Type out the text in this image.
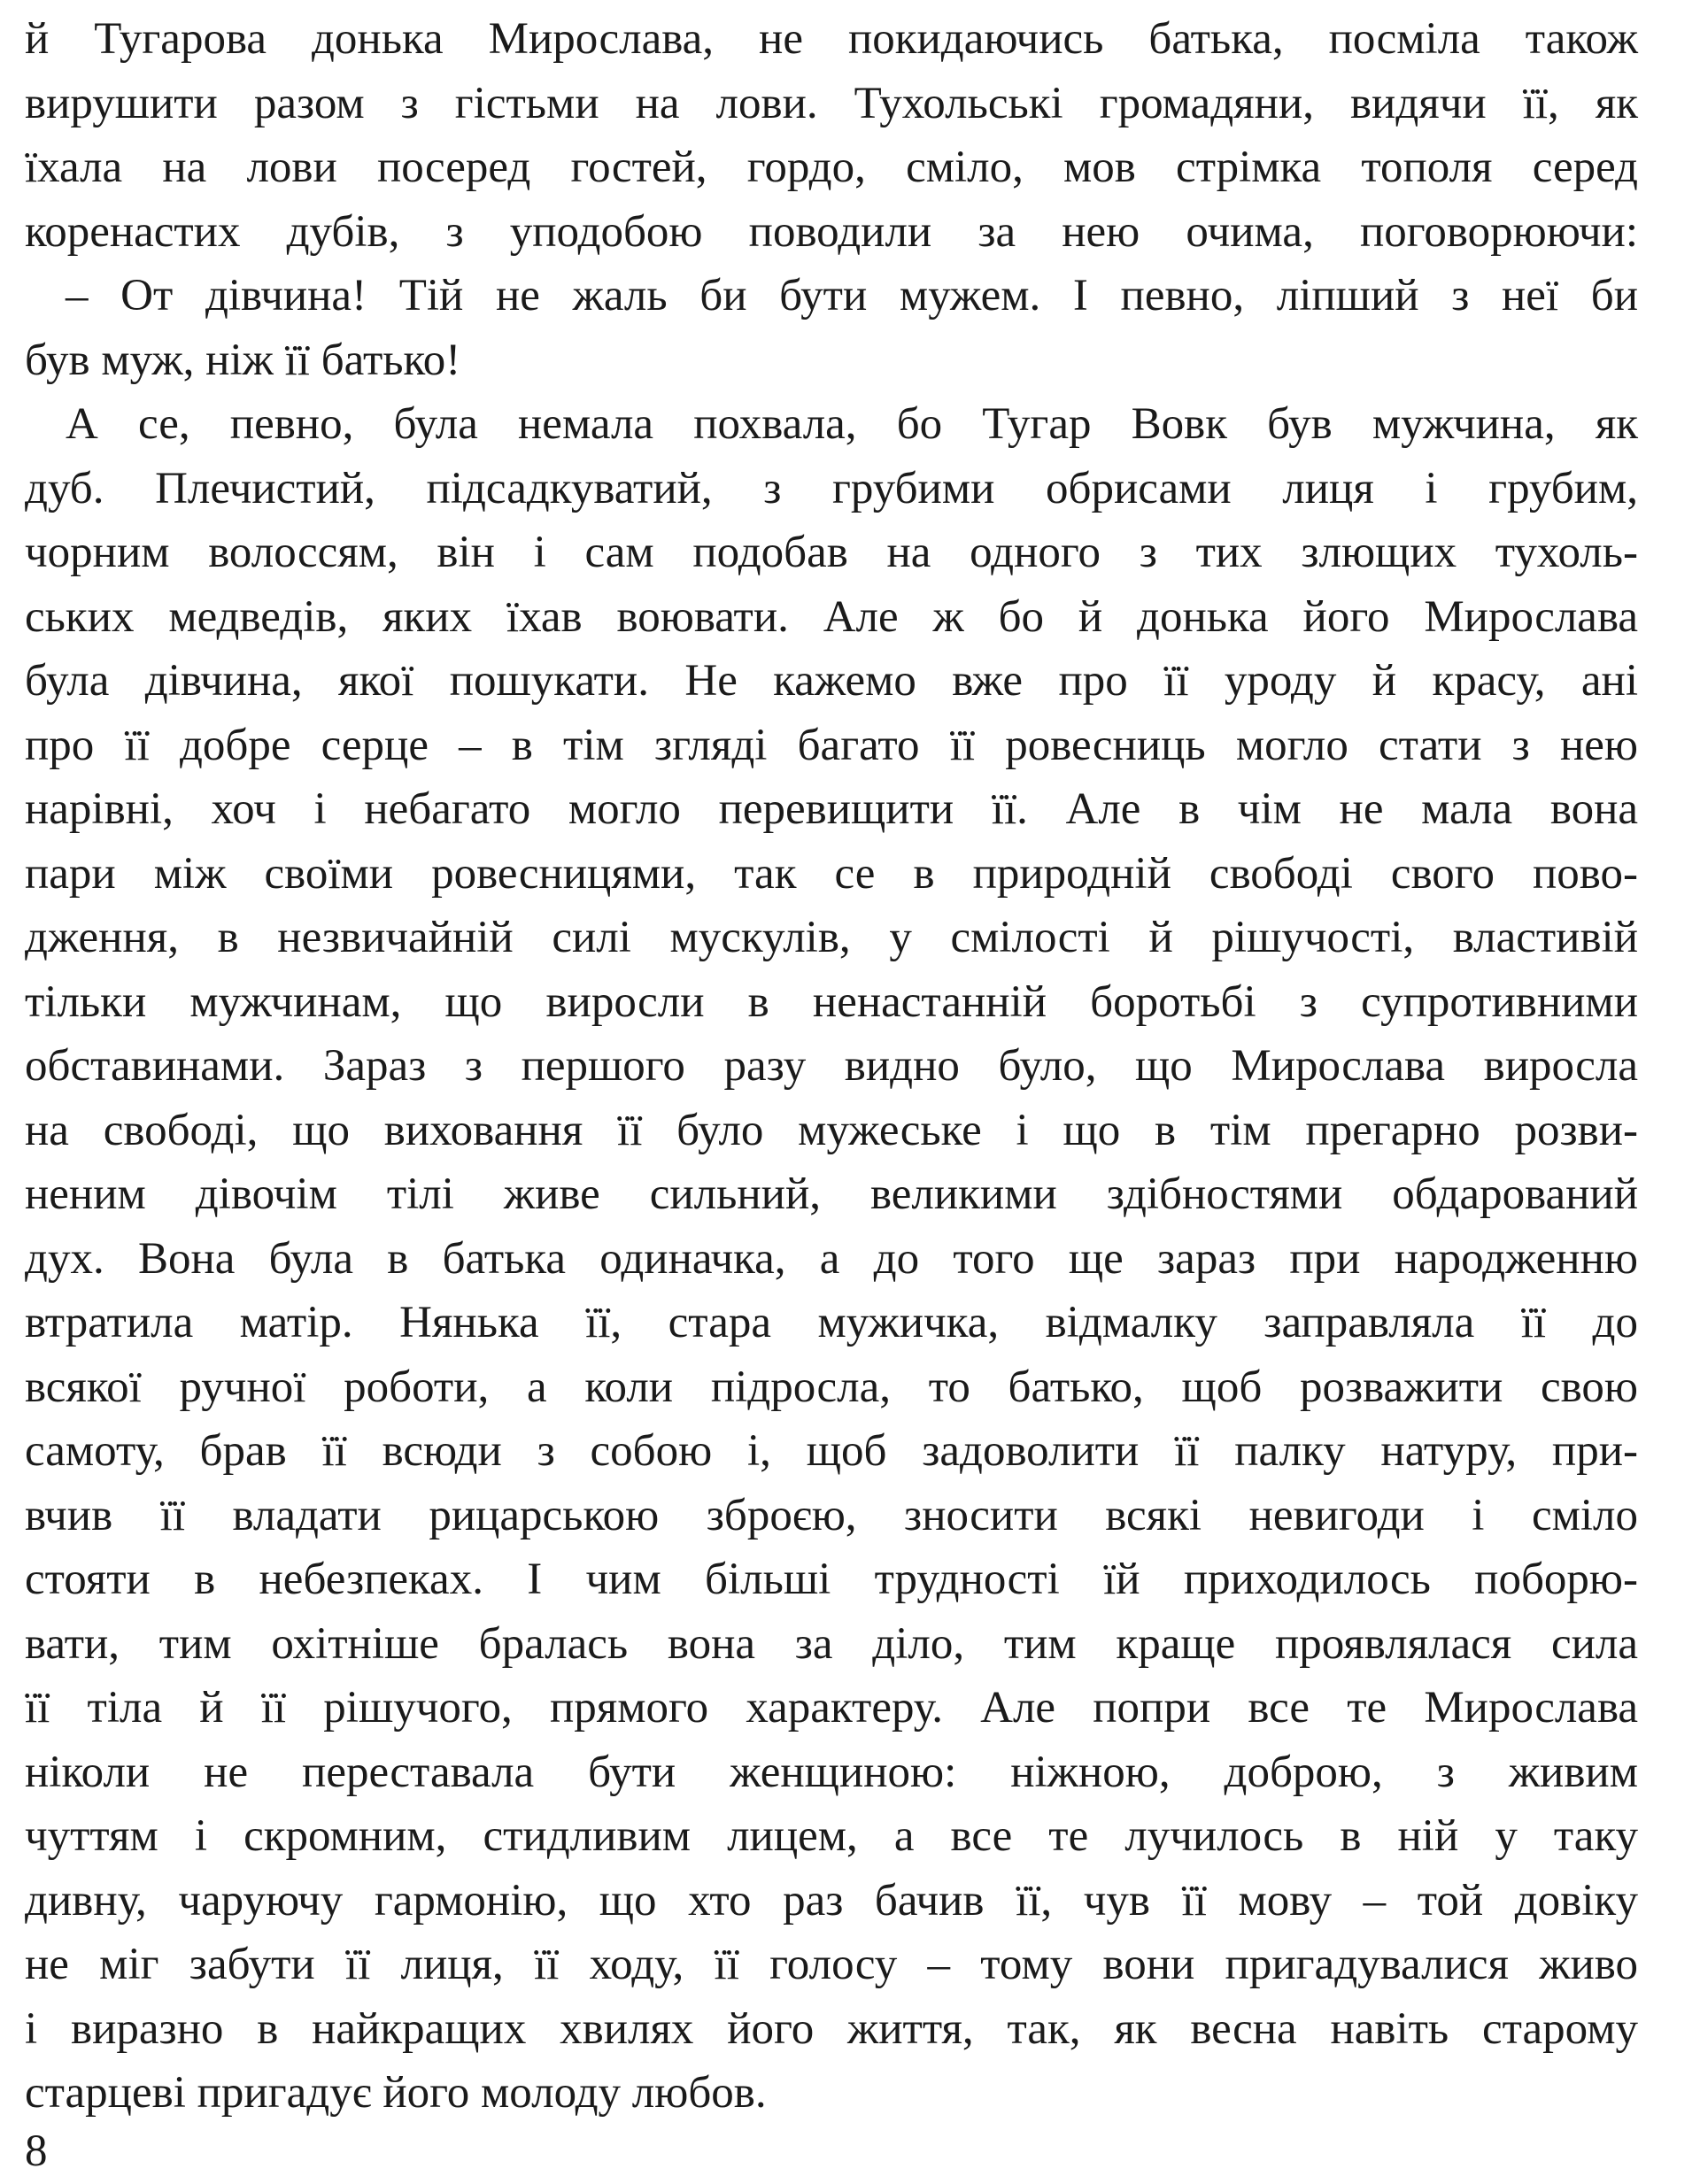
й Тугарова донька Мирослава, не покидаючись батька, посміла також
вирушити разом з гістьми на лови. Тухольські громадяни, видячи її, як
їхала на лови посеред гостей, гордо, сміло, мов стрімка тополя серед
коренастих дубів, з уподобою поводили за нею очима, поговорюючи:
– От дівчина! Тій не жаль би бути мужем. І певно, ліпший з неї би
був муж, ніж її батько!
А се, певно, була немала похвала, бо Тугар Вовк був мужчина, як
дуб. Плечистий, підсадкуватий, з грубими обрисами лиця і грубим,
чорним волоссям, він і сам подобав на одного з тих злющих тухоль-
ських медведів, яких їхав воювати. Але ж бо й донька його Мирослава
була дівчина, якої пошукати. Не кажемо вже про її уроду й красу, ані
про її добре серце – в тім згляді багато її ровесниць могло стати з нею
нарівні, хоч і небагато могло перевищити її. Але в чім не мала вона
пари між своїми ровесницями, так се в природній свободі свого пово-
дження, в незвичайній силі мускулів, у смілості й рішучості, властивій
тільки мужчинам, що виросли в ненастанній боротьбі з супротивними
обставинами. Зараз з першого разу видно було, що Мирослава виросла
на свободі, що виховання її було мужеське і що в тім прегарно розви-
неним дівочім тілі живе сильний, великими здібностями обдарований
дух. Вона була в батька одиначка, а до того ще зараз при народженню
втратила матір. Нянька її, стара мужичка, відмалку заправляла її до
всякої ручної роботи, а коли підросла, то батько, щоб розважити свою
самоту, брав її всюди з собою і, щоб задоволити її палку натуру, при-
вчив її владати рицарською зброєю, зносити всякі невигоди і сміло
стояти в небезпеках. І чим більші трудності їй приходилось поборю-
вати, тим охітніше бралась вона за діло, тим краще проявлялася сила
її тіла й її рішучого, прямого характеру. Але попри все те Мирослава
ніколи не переставала бути женщиною: ніжною, доброю, з живим
чуттям і скромним, стидливим лицем, а все те лучилось в ній у таку
дивну, чаруючу гармонію, що хто раз бачив її, чув її мову – той довіку
не міг забути її лиця, її ходу, її голосу – тому вони пригадувалися живо
і виразно в найкращих хвилях його життя, так, як весна навіть старому
старцеві пригадує його молоду любов.
8
